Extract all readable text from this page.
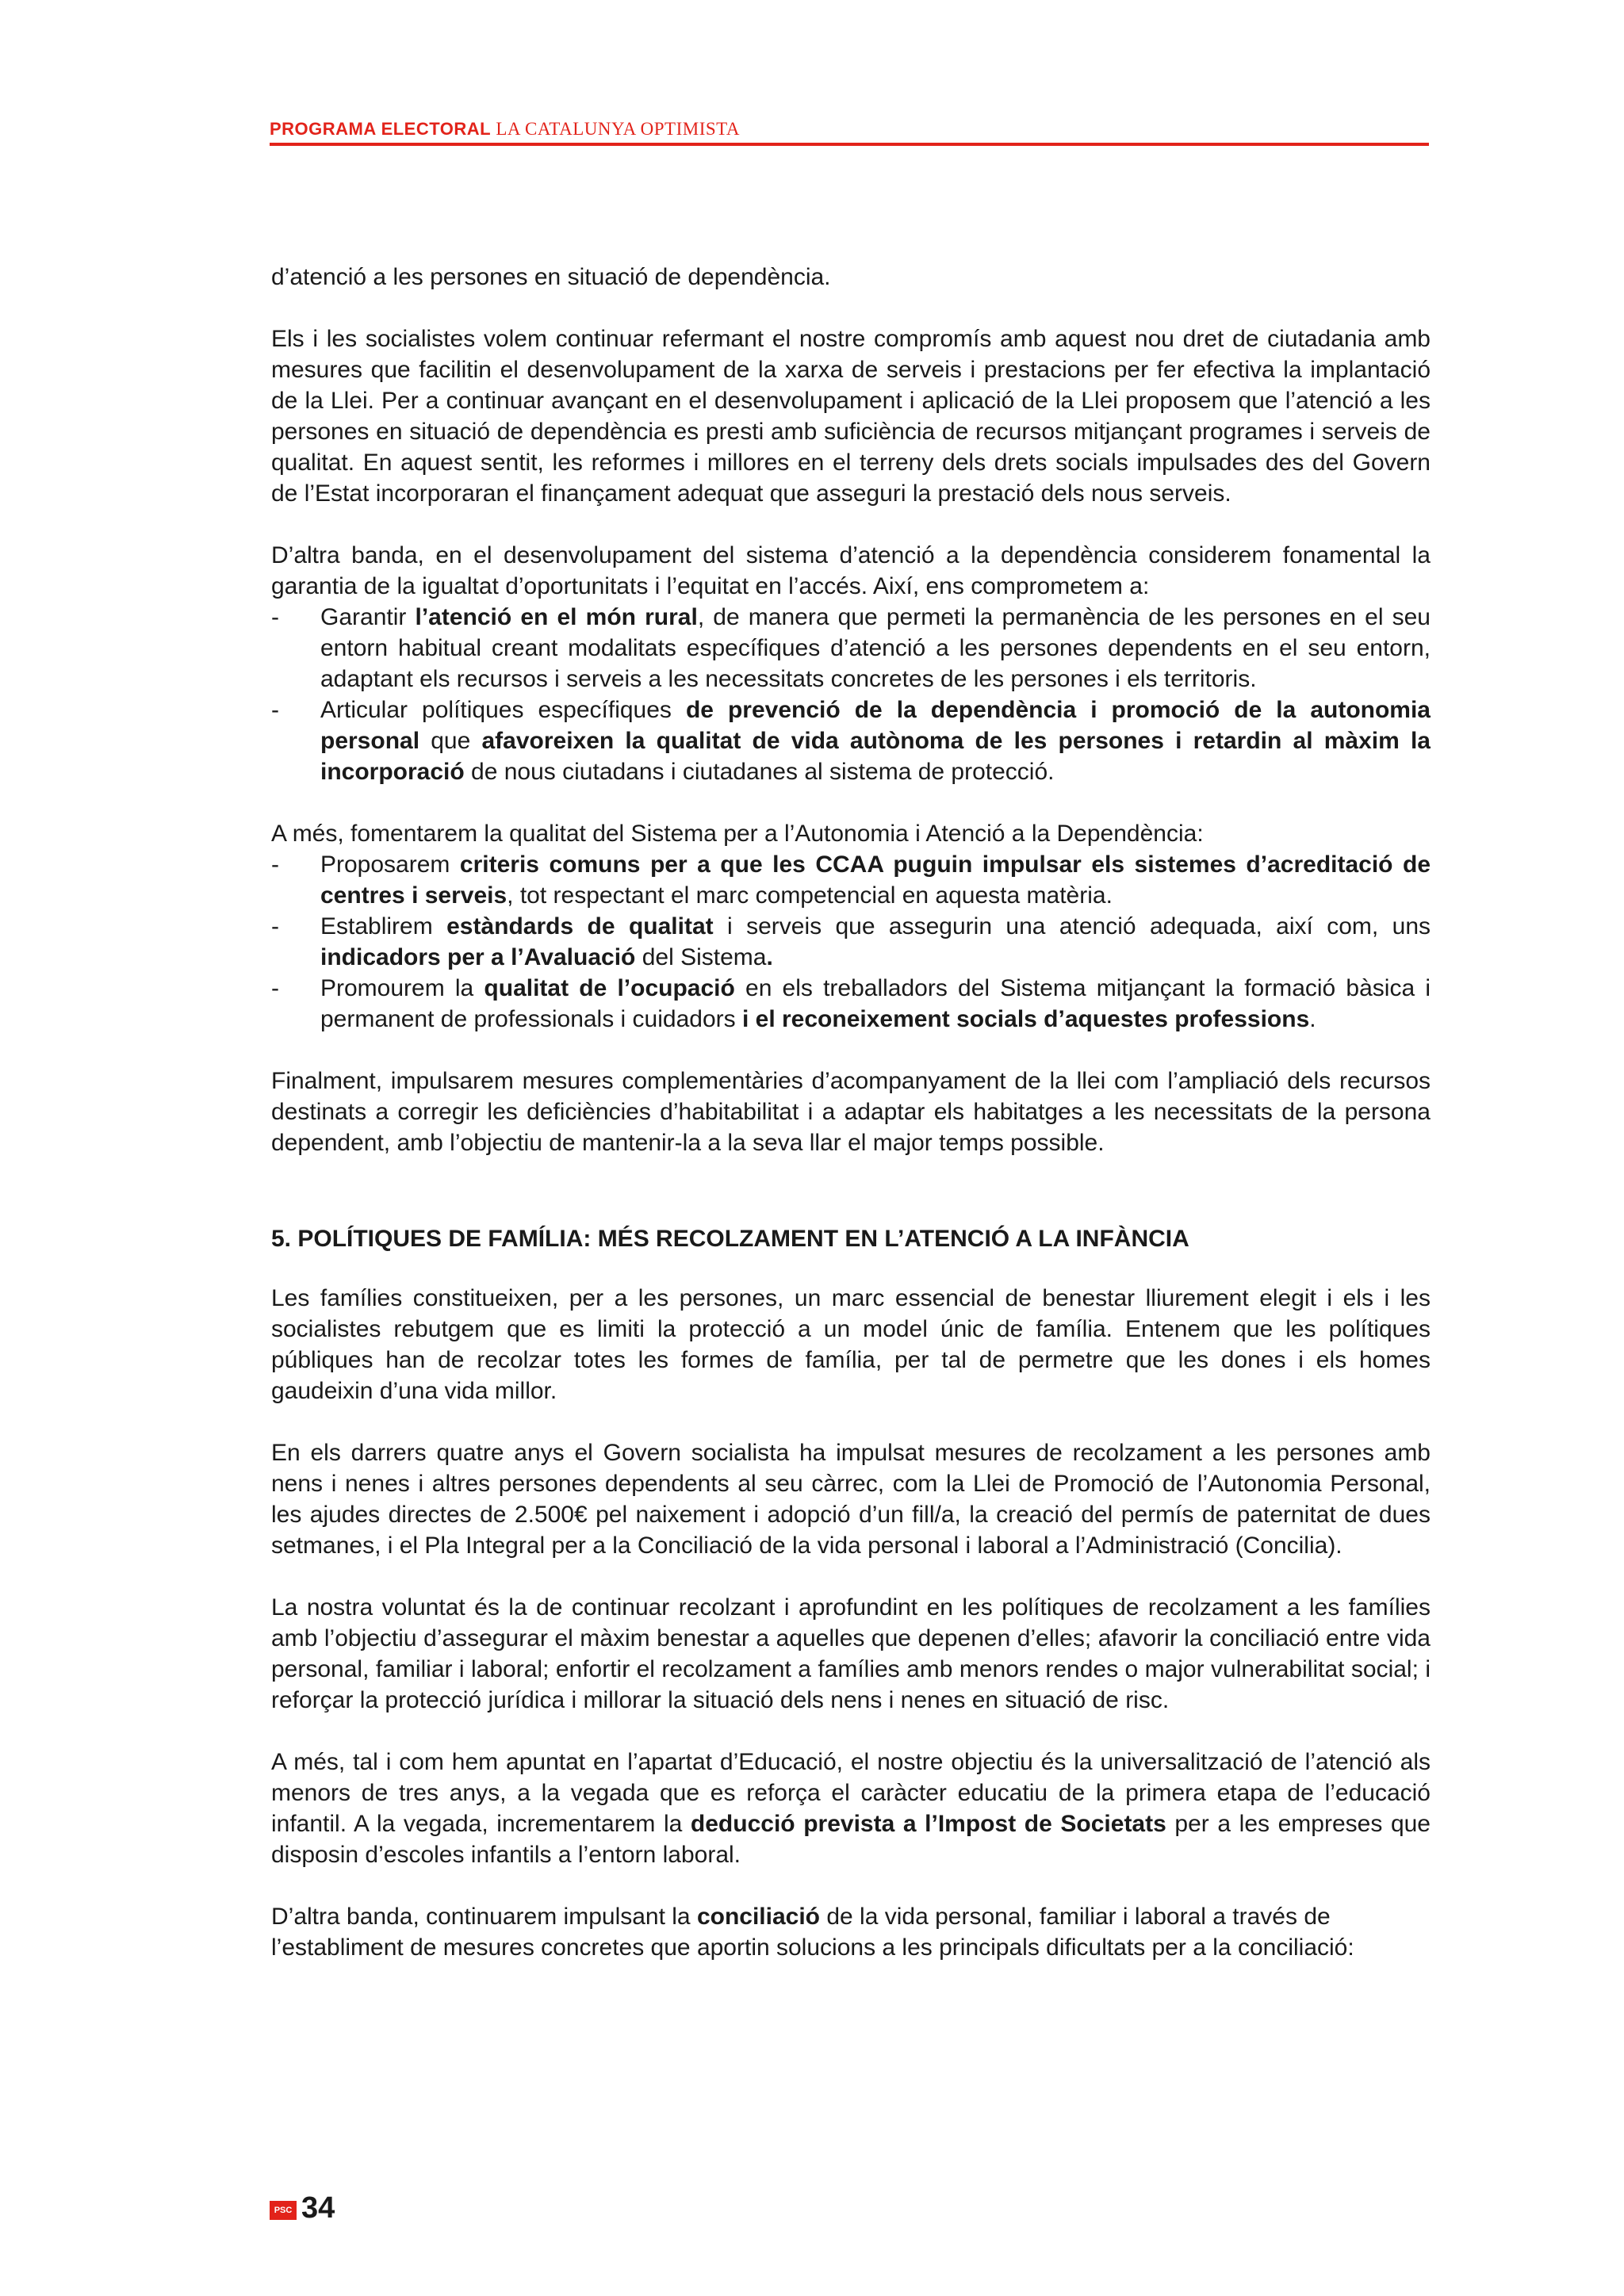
PROGRAMA ELECTORAL LA CATALUNYA OPTIMISTA

d’atenció a les persones en situació de dependència.

Els i les socialistes volem continuar refermant el nostre compromís amb aquest nou dret de ciutadania amb mesures que facilitin el desenvolupament de la xarxa de serveis i prestacions per fer efectiva la implantació de la Llei. Per a continuar avançant en el desenvolupament i aplicació de la Llei proposem que l’atenció a les persones en situació de dependència es presti amb suficiència de recursos mitjançant programes i serveis de qualitat. En aquest sentit, les reformes i millores en el terreny dels drets socials impulsades des del Govern de l’Estat incorporaran el finançament adequat que asseguri la prestació dels nous serveis.

D’altra banda, en el desenvolupament del sistema d’atenció a la dependència considerem fonamental la garantia de la igualtat d’oportunitats i l’equitat en l’accés. Així, ens comprometem a:

- Garantir l’atenció en el món rural, de manera que permeti la permanència de les persones en el seu entorn habitual creant modalitats específiques d’atenció a les persones dependents en el seu entorn, adaptant els recursos i serveis a les necessitats concretes de les persones i els territoris.
- Articular polítiques específiques de prevenció de la dependència i promoció de la autonomia personal que afavoreixen la qualitat de vida autònoma de les persones i retardin al màxim la incorporació de nous ciutadans i ciutadanes al sistema de protecció.

A més, fomentarem la qualitat del Sistema per a l’Autonomia i Atenció a la Dependència:

- Proposarem criteris comuns per a que les CCAA puguin impulsar els sistemes d’acreditació de centres i serveis, tot respectant el marc competencial en aquesta matèria.
- Establirem estàndards de qualitat i serveis que assegurin una atenció adequada, així com, uns indicadors per a l’Avaluació del Sistema.
- Promourem la qualitat de l’ocupació en els treballadors del Sistema mitjançant la formació bàsica i permanent de professionals i cuidadors i el reconeixement socials d’aquestes professions.

Finalment, impulsarem mesures complementàries d’acompanyament de la llei com l’ampliació dels recursos destinats a corregir les deficiències d’habitabilitat i a adaptar els habitatges a les necessitats de la persona dependent, amb l’objectiu de mantenir-la a la seva llar el major temps possible.

5. POLÍTIQUES DE FAMÍLIA: MÉS RECOLZAMENT EN L’ATENCIÓ A LA INFÀNCIA

Les famílies constitueixen, per a les persones, un marc essencial de benestar lliurement elegit i els i les socialistes rebutgem que es limiti la protecció a un model únic de família. Entenem que les polítiques públiques han de recolzar totes les formes de família, per tal de permetre que les dones i els homes gaudeixin d’una vida millor.

En els darrers quatre anys el Govern socialista ha impulsat mesures de recolzament a les persones amb nens i nenes i altres persones dependents al seu càrrec, com la Llei de Promoció de l’Autonomia Personal, les ajudes directes de 2.500€ pel naixement i adopció d’un fill/a, la creació del permís de paternitat de dues setmanes, i el Pla Integral per a la Conciliació de la vida personal i laboral a l’Administració (Concilia).

La nostra voluntat és la de continuar recolzant i aprofundint en les polítiques de recolzament a les famílies amb l’objectiu d’assegurar el màxim benestar a aquelles que depenen d’elles; afavorir la conciliació entre vida personal, familiar i laboral; enfortir el recolzament a famílies amb menors rendes o major vulnerabilitat social; i reforçar la protecció jurídica i millorar la situació dels nens i nenes en situació de risc.

A més, tal i com hem apuntat en l’apartat d’Educació, el nostre objectiu és la universalització de l’atenció als menors de tres anys, a la vegada que es reforça el caràcter educatiu de la primera etapa de l’educació infantil. A la vegada, incrementarem la deducció prevista a l’Impost de Societats per a les empreses que disposin d’escoles infantils a l’entorn laboral.

D’altra banda, continuarem impulsant la conciliació de la vida personal, familiar i laboral a través de l’establiment de mesures concretes que aportin solucions a les principals dificultats per a la conciliació:

PSC 34
